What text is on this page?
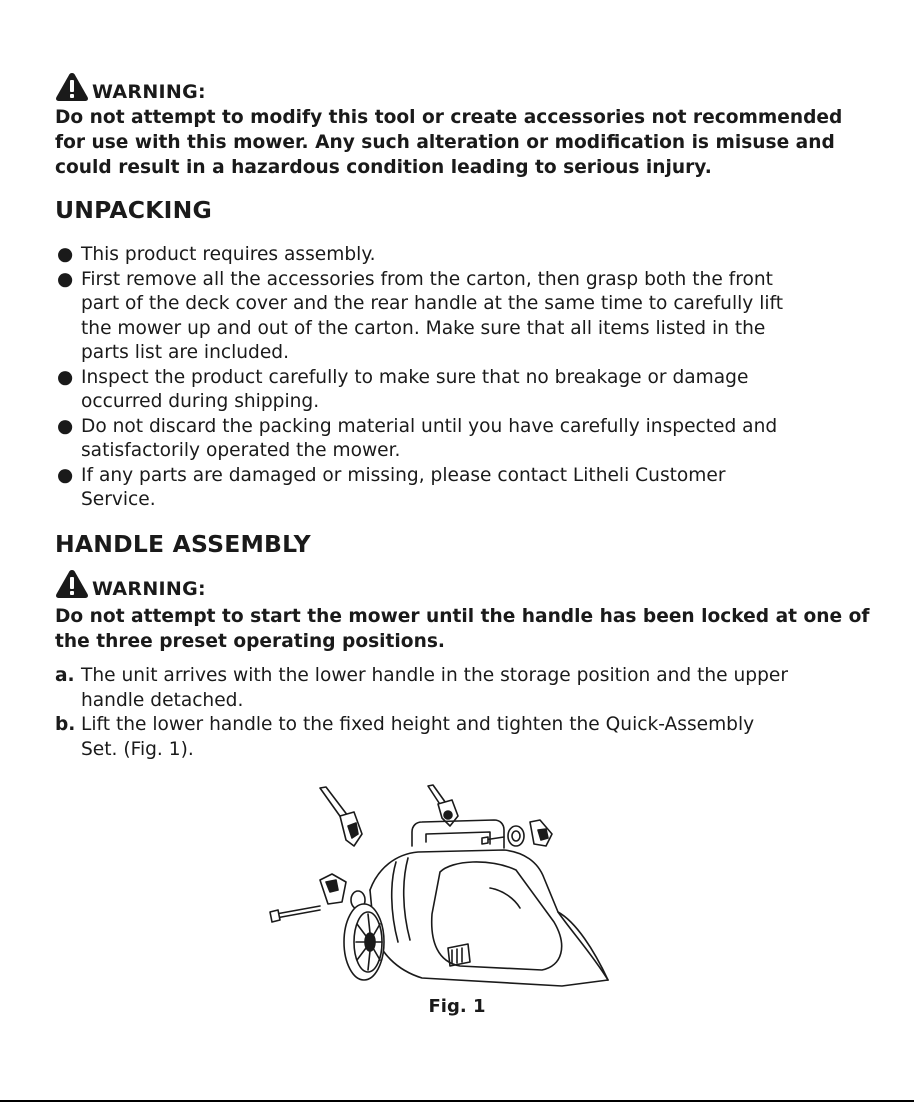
WARNING:

Do not attempt to modify this tool or create accessories not recommended
for use with this mower. Any such alteration or modification is misuse and
could result in a hazardous condition leading to serious injury.

UNPACKING
● This product requires assembly.
● First remove all the accessories from the carton, then grasp both the front
part of the deck cover and the rear handle at the same time to carefully lift
the mower up and out of the carton. Make sure that all items listed in the
parts list are included.
● Inspect the product carefully to make sure that no breakage or damage
occurred during shipping.
● Do not discard the packing material until you have carefully inspected and
satisfactorily operated the mower.
● If any parts are damaged or missing, please contact Litheli Customer
Service.
HANDLE ASSEMBLY
WARNING:

Do not attempt to start the mower until the handle has been locked at one of
the three preset operating positions.

a. The unit arrives with the lower handle in the storage position and the upper
handle detached.
b. Lift the lower handle to the fixed height and tighten the Quick-Assembly
Set. (Fig. 1).
Fig. 1
